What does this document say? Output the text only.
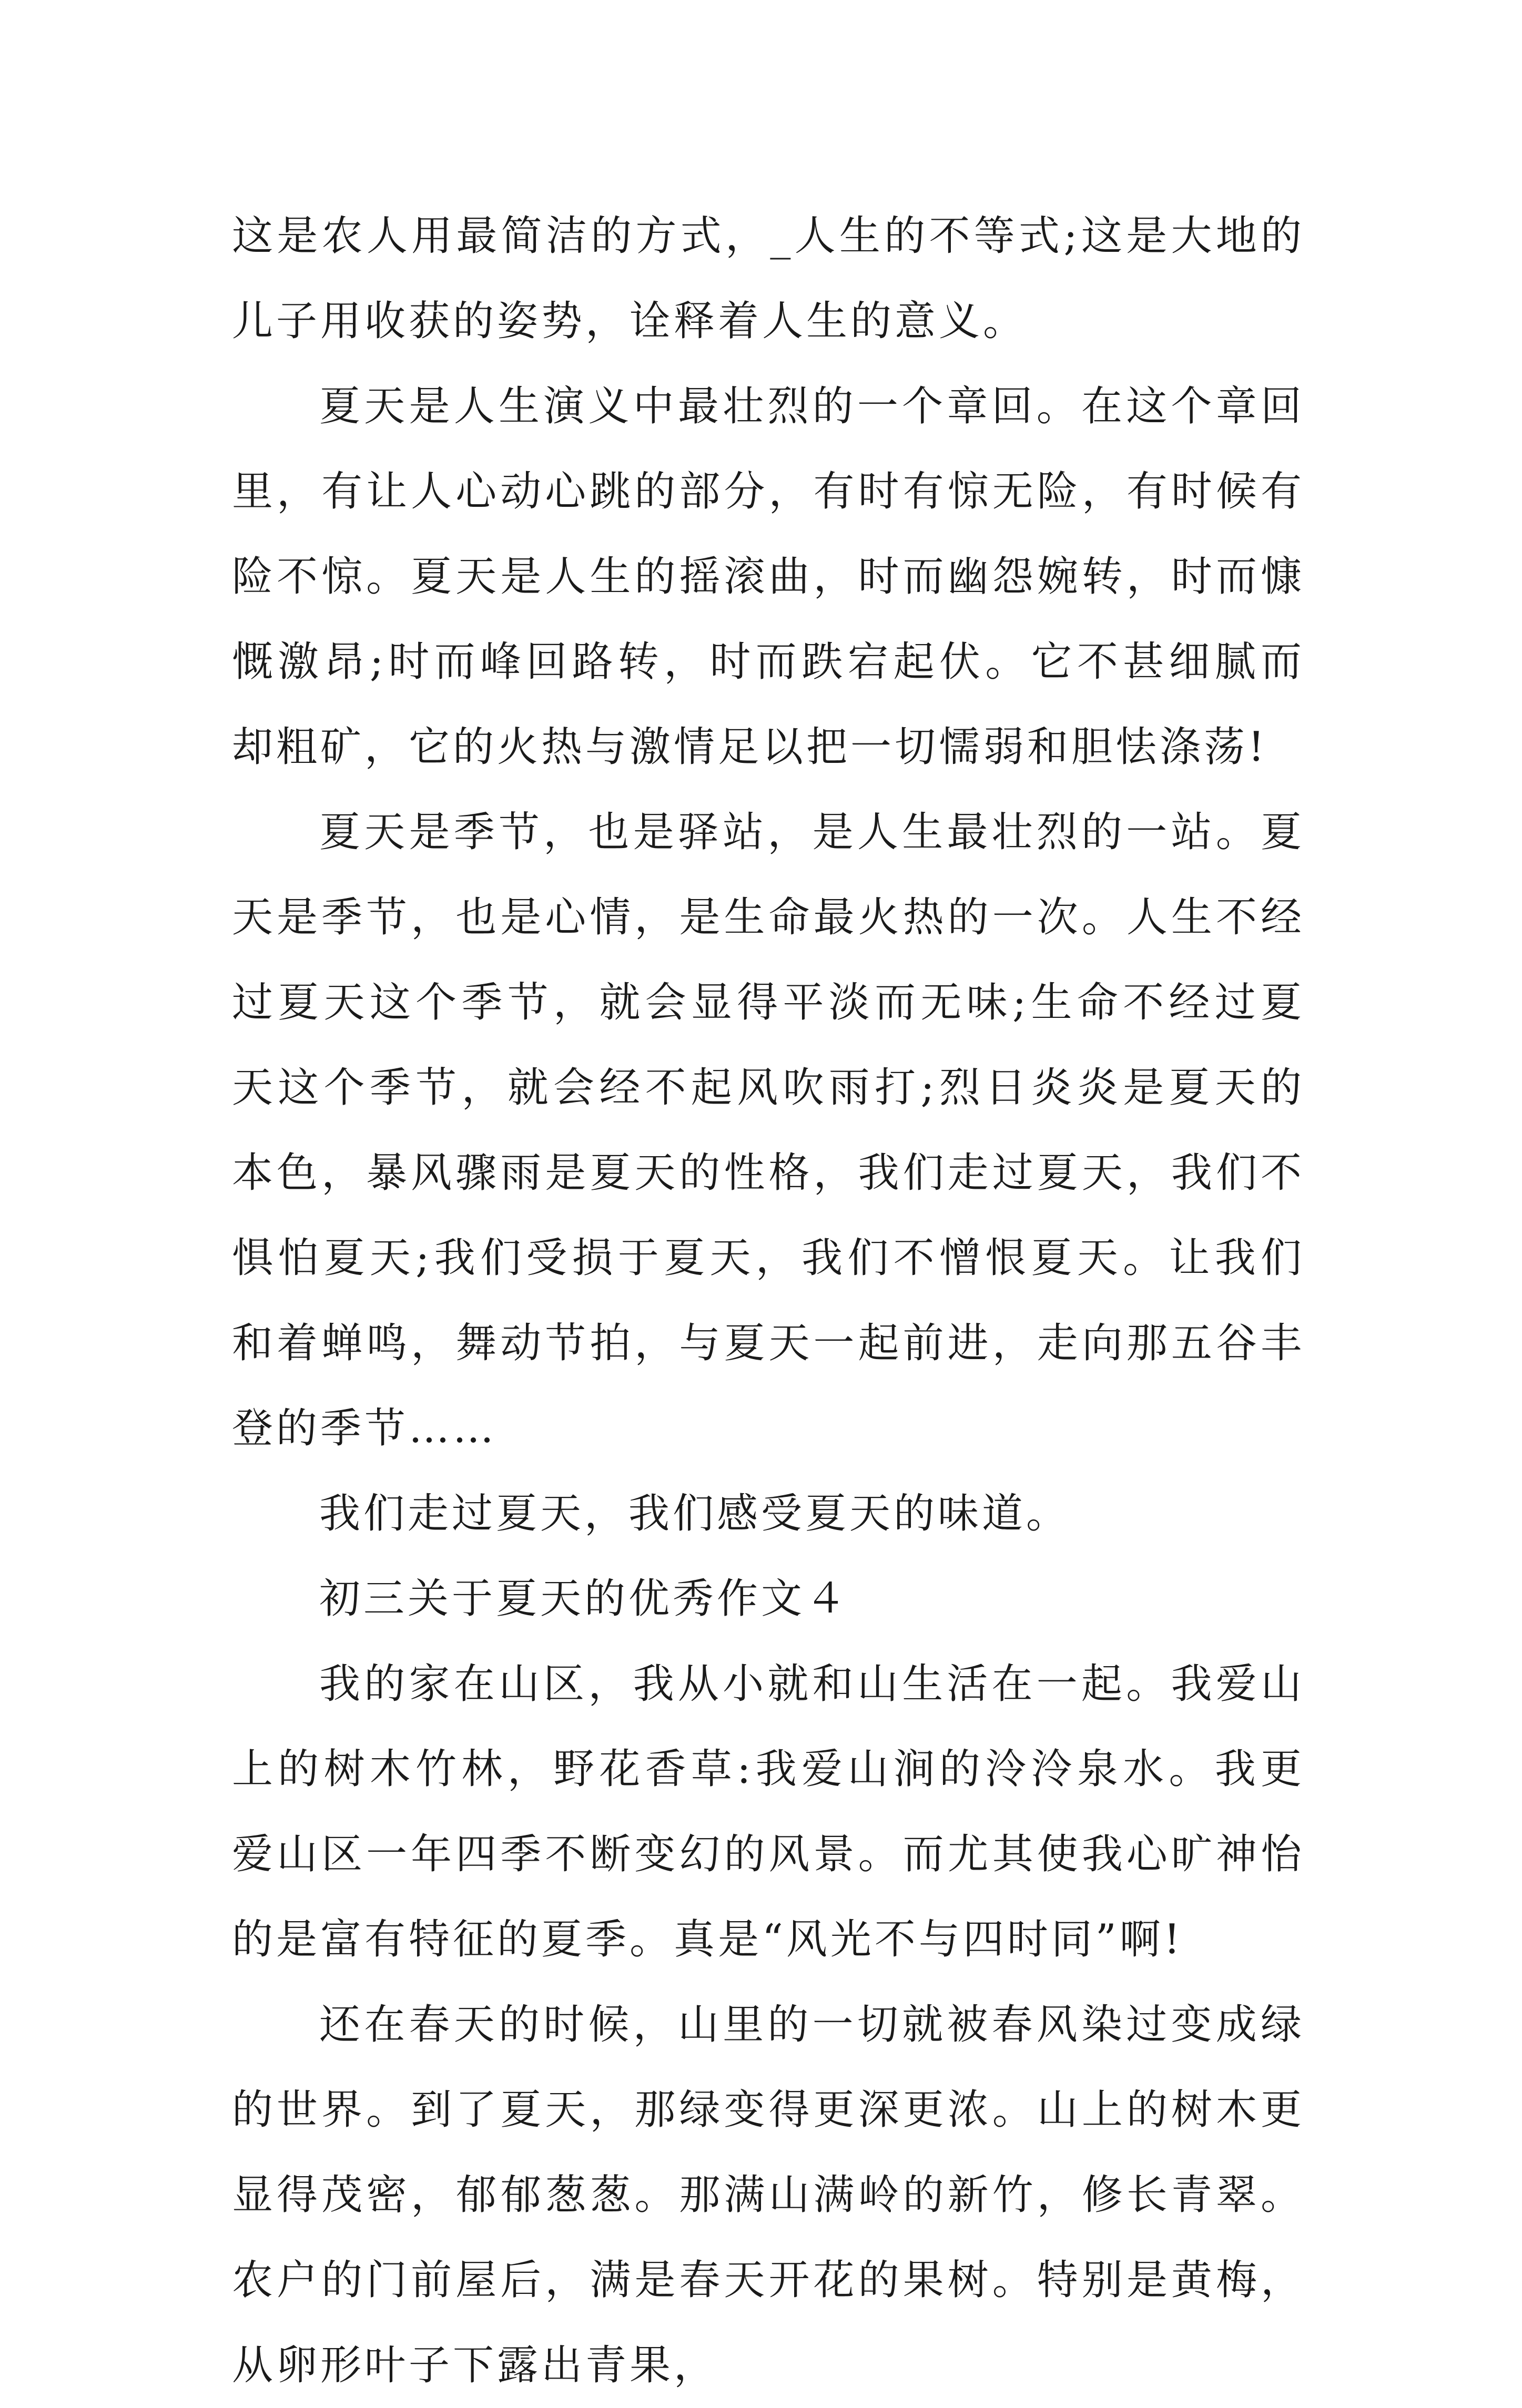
这是农人用最简洁的方式，_人生的不等式;这是大地的儿子用收获的姿势，诠释着人生的意义。

夏天是人生演义中最壮烈的一个章回。在这个章回里，有让人心动心跳的部分，有时有惊无险，有时候有险不惊。夏天是人生的摇滚曲，时而幽怨婉转，时而慷慨激昂;时而峰回路转，时而跌宕起伏。它不甚细腻而却粗矿，它的火热与激情足以把一切懦弱和胆怯涤荡!

夏天是季节，也是驿站，是人生最壮烈的一站。夏天是季节，也是心情，是生命最火热的一次。人生不经过夏天这个季节，就会显得平淡而无味;生命不经过夏天这个季节，就会经不起风吹雨打;烈日炎炎是夏天的本色，暴风骤雨是夏天的性格，我们走过夏天，我们不惧怕夏天;我们受损于夏天，我们不憎恨夏天。让我们和着蝉鸣，舞动节拍，与夏天一起前进，走向那五谷丰登的季节……

我们走过夏天，我们感受夏天的味道。

初三关于夏天的优秀作文４

我的家在山区，我从小就和山生活在一起。我爱山上的树木竹林，野花香草:我爱山涧的泠泠泉水。我更爱山区一年四季不断变幻的风景。而尤其使我心旷神怡的是富有特征的夏季。真是“风光不与四时同”啊!

还在春天的时候，山里的一切就被春风染过变成绿的世界。到了夏天，那绿变得更深更浓。山上的树木更显得茂密，郁郁葱葱。那满山满岭的新竹，修长青翠。农户的门前屋后，满是春天开花的果树。特别是黄梅，从卵形叶子下露出青果，
